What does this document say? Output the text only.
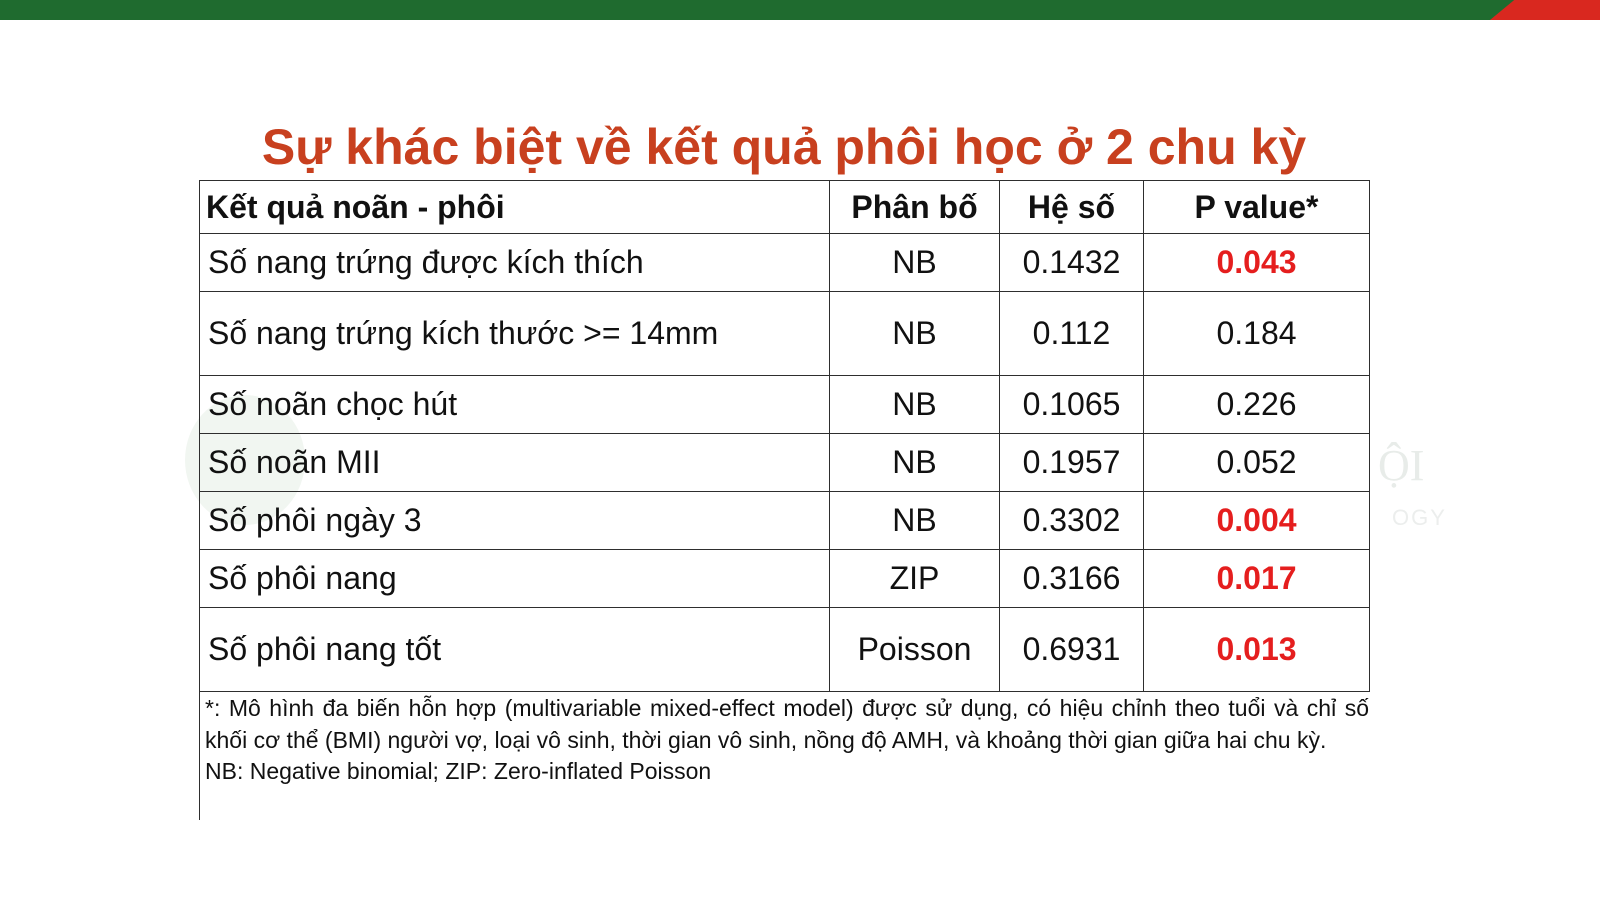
ỘI
OGY
Sự khác biệt về kết quả phôi học ở 2 chu kỳ
Kết quả noãn - phôi	Phân bố	Hệ số	P value*
Số nang trứng được kích thích	NB	0.1432	0.043
Số nang trứng kích thước >= 14mm	NB	0.112	0.184
Số noãn chọc hút	NB	0.1065	0.226
Số noãn MII	NB	0.1957	0.052
Số phôi ngày 3	NB	0.3302	0.004
Số phôi nang	ZIP	0.3166	0.017
Số phôi nang tốt	Poisson	0.6931	0.013
*: Mô hình đa biến hỗn hợp (multivariable mixed-effect model) được sử dụng, có hiệu chỉnh theo tuổi và chỉ số khối cơ thể (BMI) người vợ, loại vô sinh, thời gian vô sinh, nồng độ AMH, và khoảng thời gian giữa hai chu kỳ.
NB: Negative binomial; ZIP: Zero-inflated Poisson
